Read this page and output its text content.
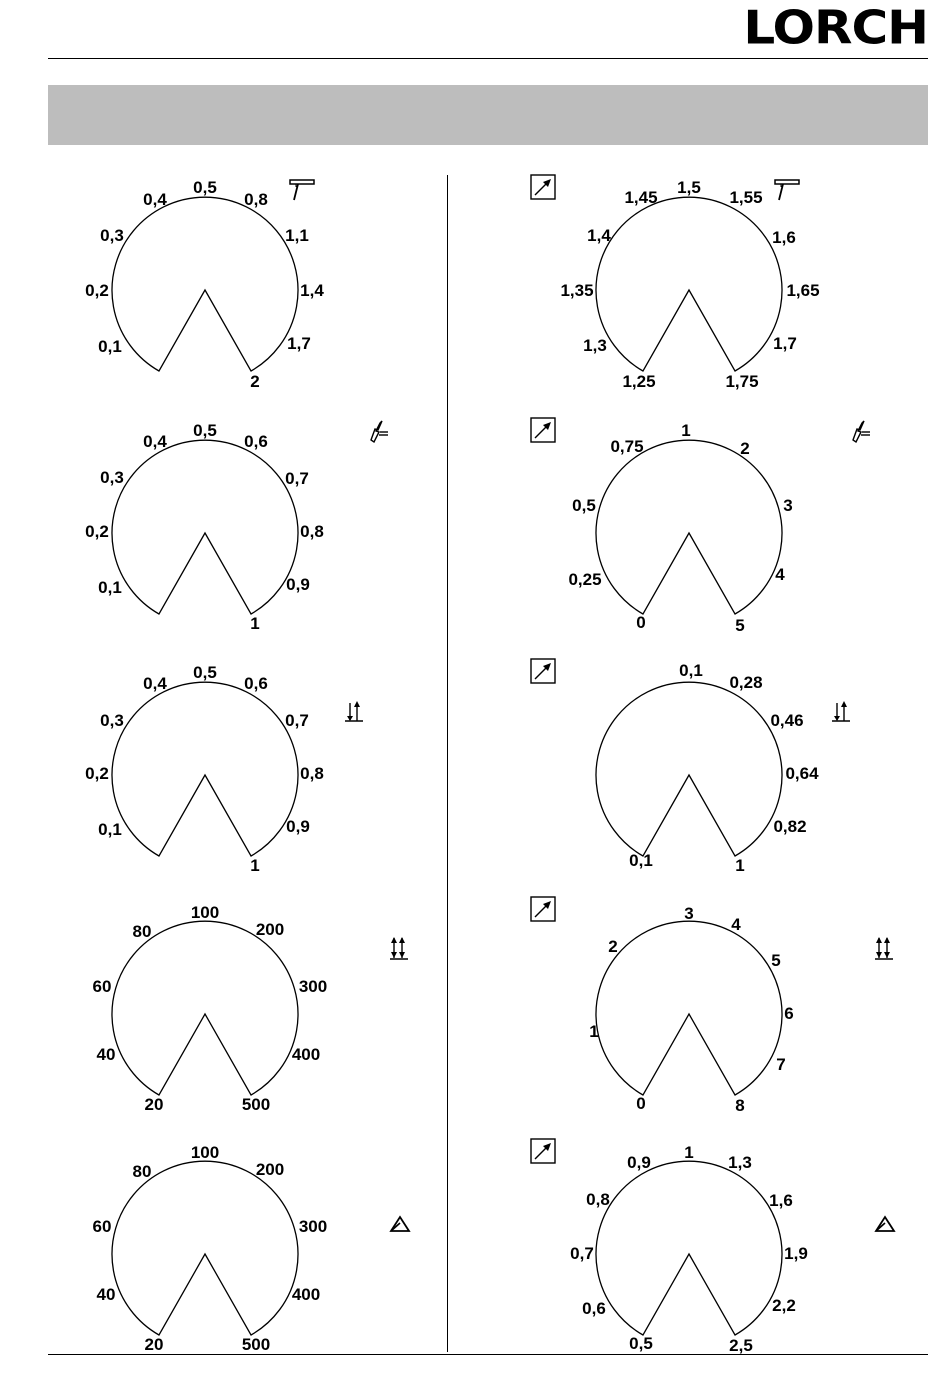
LORCH
0,1
0,2
0,3
0,4
0,5
0,8
1,1
1,4
1,7
2	1,25
1,3
1,35
1,4
1,45
1,5
1,55
1,6
1,65
1,7
1,75
0,1
0,2
0,3
0,4
0,5
0,6
0,7
0,8
0,9
1	0
0,25
0,5
0,75
1
2
3
4
5
0,1
0,2
0,3
0,4
0,5
0,6
0,7
0,8
0,9
1	0,1
0,1
0,28
0,46
0,64
0,82
1
20
40
60
80
100
200
300
400
500	0
1
2
3
4
5
6
7
8
20
40
60
80
100
200
300
400
500	0,5
0,6
0,7
0,8
0,9
1
1,3
1,6
1,9
2,2
2,5
